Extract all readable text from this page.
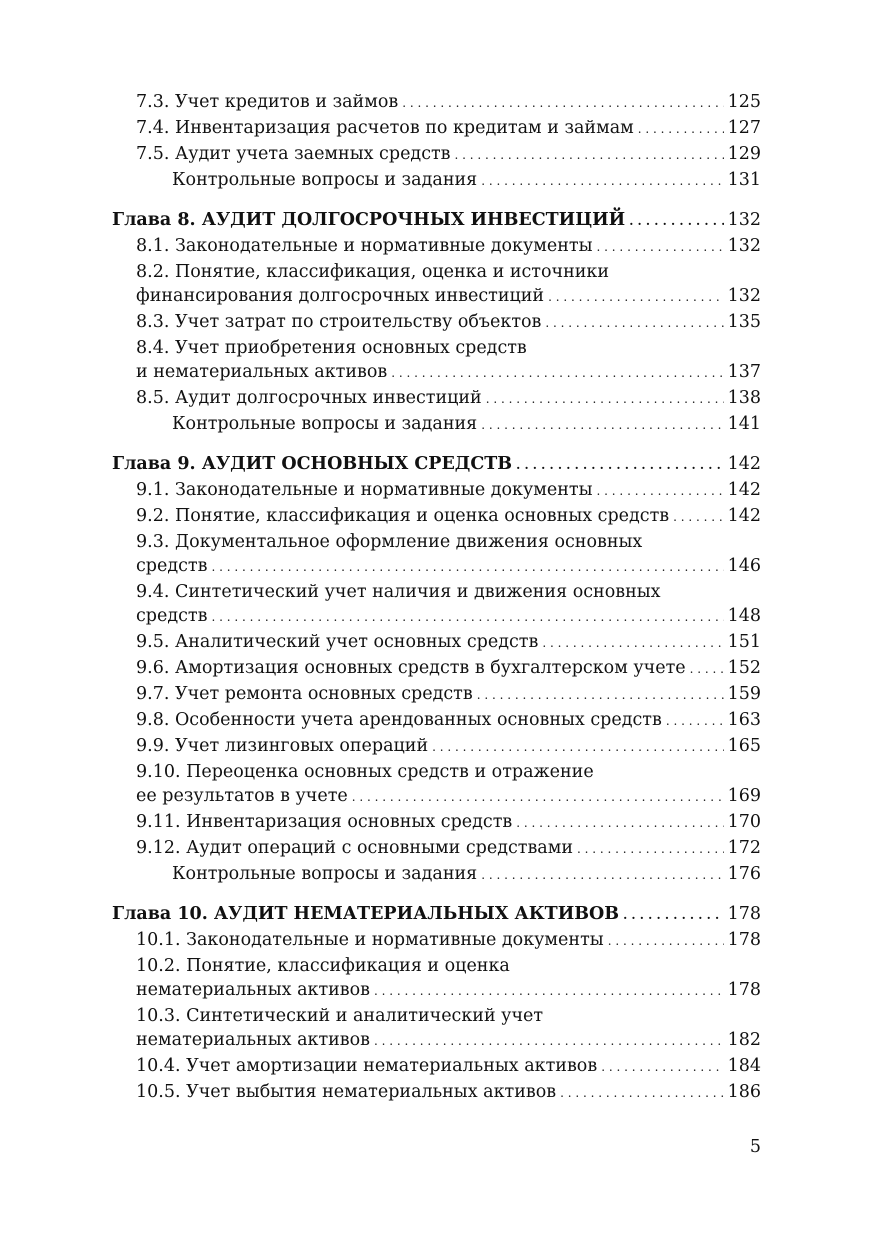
7.3. Учет кредитов и займов . . .	125
7.4. Инвентаризация расчетов по кредитам и займам . . .	127
7.5. Аудит учета заемных средств . . .	129
Контрольные вопросы и задания . . .	131
Глава 8. АУДИТ ДОЛГОСРОЧНЫХ ИНВЕСТИЦИЙ . . .	132
8.1. Законодательные и нормативные документы . . .	132
8.2. Понятие, классификация, оценка и источники
финансирования долгосрочных инвестиций . . .	132
8.3. Учет затрат по строительству объектов . . .	135
8.4. Учет приобретения основных средств
и нематериальных активов . . .	137
8.5. Аудит долгосрочных инвестиций . . .	138
Контрольные вопросы и задания . . .	141
Глава 9. АУДИТ ОСНОВНЫХ СРЕДСТВ . . .	142
9.1. Законодательные и нормативные документы . . .	142
9.2. Понятие, классификация и оценка основных средств . . .	142
9.3. Документальное оформление движения основных
средств . . .	146
9.4. Синтетический учет наличия и движения основных
средств . . .	148
9.5. Аналитический учет основных средств . . .	151
9.6. Амортизация основных средств в бухгалтерском учете . . . 152
9.7. Учет ремонта основных средств . . .	159
9.8. Особенности учета арендованных основных средств . . .	163
9.9. Учет лизинговых операций . . .	165
9.10. Переоценка основных средств и отражение
ее результатов в учете . . .	169
9.11. Инвентаризация основных средств . . .	170
9.12. Аудит операций с основными средствами . . .	172
Контрольные вопросы и задания . . .	176
Глава 10. АУДИТ НЕМАТЕРИАЛЬНЫХ АКТИВОВ . . .	178
10.1. Законодательные и нормативные документы . . .	178
10.2. Понятие, классификация и оценка
нематериальных активов . . .	178
10.3. Синтетический и аналитический учет
нематериальных активов . . .	182
10.4. Учет амортизации нематериальных активов . . .	184
10.5. Учет выбытия нематериальных активов . . .	186
5
